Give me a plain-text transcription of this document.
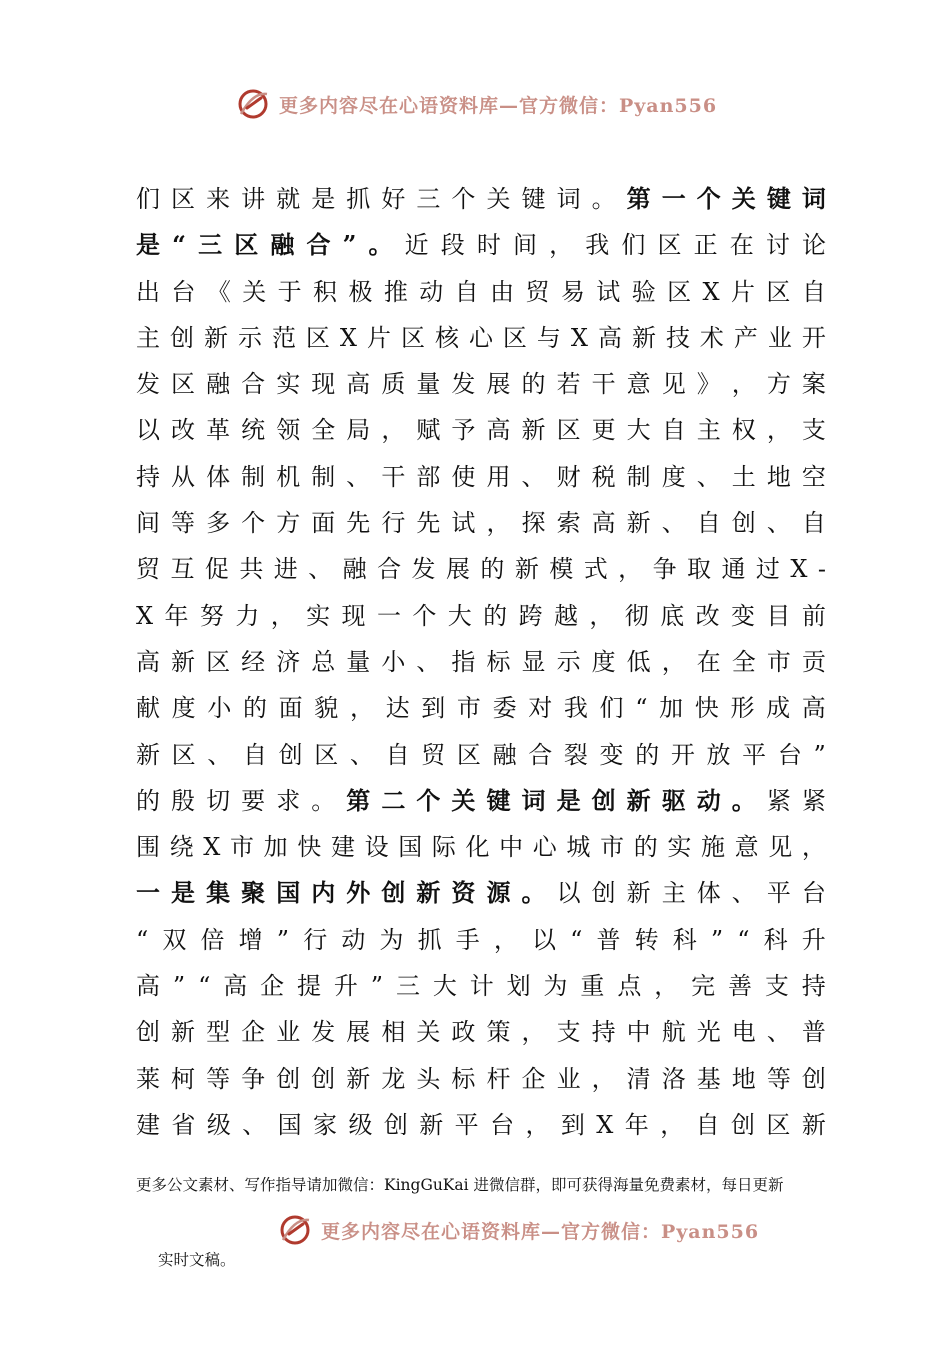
更多内容尽在心语资料库—官方微信：Pyan556
们 区 来 讲 就 是 抓 好 三 个 关 键 词 。 第 一 个 关 键 词
是 “ 三 区 融 合 ” 。 近 段 时 间 ， 我 们 区 正 在 讨 论
出 台 《 关 于 积 极 推 动 自 由 贸 易 试 验 区 X 片 区 自
主 创 新 示 范 区 X 片 区 核 心 区 与 X 高 新 技 术 产 业 开
发 区 融 合 实 现 高 质 量 发 展 的 若 干 意 见 》 ， 方 案
以 改 革 统 领 全 局 ， 赋 予 高 新 区 更 大 自 主 权 ， 支
持 从 体 制 机 制 、 干 部 使 用 、 财 税 制 度 、 土 地 空
间 等 多 个 方 面 先 行 先 试 ， 探 索 高 新 、 自 创 、 自
贸 互 促 共 进 、 融 合 发 展 的 新 模 式 ， 争 取 通 过 X -
X 年 努 力 ， 实 现 一 个 大 的 跨 越 ， 彻 底 改 变 目 前
高 新 区 经 济 总 量 小 、 指 标 显 示 度 低 ， 在 全 市 贡
献 度 小 的 面 貌 ， 达 到 市 委 对 我 们 “ 加 快 形 成 高
新 区 、 自 创 区 、 自 贸 区 融 合 裂 变 的 开 放 平 台 ”
的 殷 切 要 求 。 第 二 个 关 键 词 是 创 新 驱 动 。 紧 紧
围 绕 X 市 加 快 建 设 国 际 化 中 心 城 市 的 实 施 意 见 ，
一 是 集 聚 国 内 外 创 新 资 源 。 以 创 新 主 体 、 平 台
“ 双 倍 增 ” 行 动 为 抓 手 ， 以 “ 普 转 科 ” “ 科 升
高 ” “ 高 企 提 升 ” 三 大 计 划 为 重 点 ， 完 善 支 持
创 新 型 企 业 发 展 相 关 政 策 ， 支 持 中 航 光 电 、 普
莱 柯 等 争 创 创 新 龙 头 标 杆 企 业 ， 清 洛 基 地 等 创
建 省 级 、 国 家 级 创 新 平 台 ， 到 X 年 ， 自 创 区 新
更多公文素材、写作指导请加微信：KingGuKai 进微信群，即可获得海量免费素材，每日更新
更多内容尽在心语资料库—官方微信：Pyan556
实时文稿。
